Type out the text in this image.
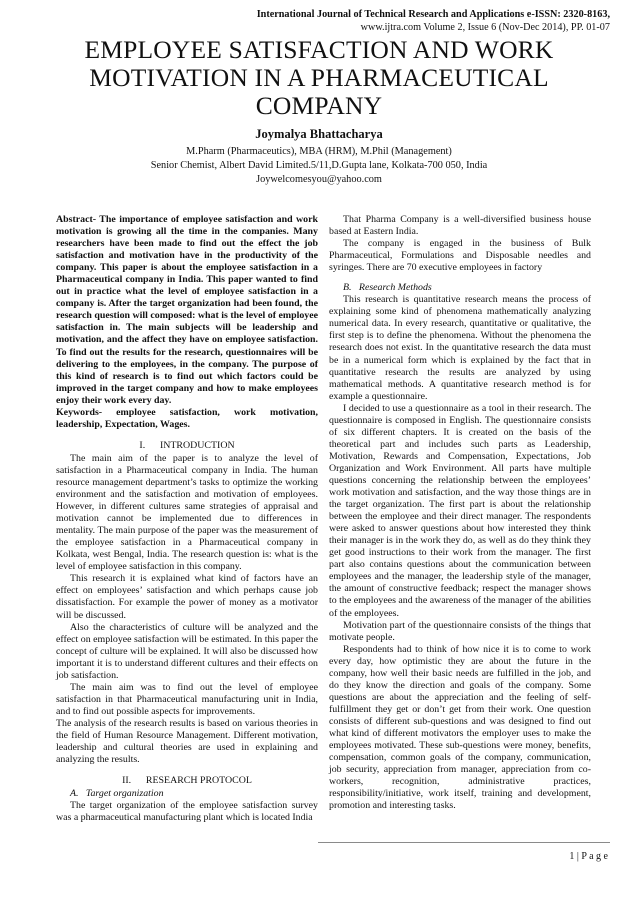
International Journal of Technical Research and Applications e-ISSN: 2320-8163,
www.ijtra.com Volume 2, Issue 6 (Nov-Dec 2014), PP. 01-07
EMPLOYEE SATISFACTION AND WORK MOTIVATION IN A PHARMACEUTICAL COMPANY
Joymalya Bhattacharya
M.Pharm (Pharmaceutics), MBA (HRM), M.Phil (Management)
Senior Chemist, Albert David Limited.5/11,D.Gupta lane, Kolkata-700 050, India
Joywelcomesyou@yahoo.com

Abstract- The importance of employee satisfaction and work motivation is growing all the time in the companies. Many researchers have been made to find out the effect the job satisfaction and motivation have in the productivity of the company. This paper is about the employee satisfaction in a Pharmaceutical company in India. This paper wanted to find out in practice what the level of employee satisfaction in a company is. After the target organization had been found, the research question will composed: what is the level of employee satisfaction in. The main subjects will be leadership and motivation, and the affect they have on employee satisfaction. To find out the results for the research, questionnaires will be delivering to the employees, in the company. The purpose of this kind of research is to find out which factors could be improved in the target company and how to make employees enjoy their work every day.

Keywords- employee satisfaction, work motivation, leadership, Expectation, Wages.

I.      INTRODUCTION

The main aim of the paper is to analyze the level of satisfaction in a Pharmaceutical company in India. The human resource management department’s tasks to optimize the working environment and the satisfaction and motivation of employees. However, in different cultures same strategies of appraisal and motivation cannot be implemented due to differences in mentality. The main purpose of the paper was the measurement of the employee satisfaction in a Pharmaceutical company in Kolkata, west Bengal, India. The research question is: what is the level of employee satisfaction in this company.

This research it is explained what kind of factors have an effect on employees’ satisfaction and which perhaps cause job dissatisfaction. For example the power of money as a motivator will be discussed.

Also the characteristics of culture will be analyzed and the effect on employee satisfaction will be estimated. In this paper the concept of culture will be explained. It will also be discussed how important it is to understand different cultures and their effects on job satisfaction.

The main aim was to find out the level of employee satisfaction in that Pharmaceutical manufacturing unit in India, and to find out possible aspects for improvements.

The analysis of the research results is based on various theories in the field of Human Resource Management. Different motivation, leadership and cultural theories are used in explaining and analyzing the results.

II.      RESEARCH PROTOCOL

A.   Target organization

The target organization of the employee satisfaction survey was a pharmaceutical manufacturing plant which is located India

That Pharma Company is a well-diversified business house based at Eastern India.

The company is engaged in the business of Bulk Pharmaceutical, Formulations and Disposable needles and syringes. There are 70 executive employees in factory

B.   Research Methods

This research is quantitative research means the process of explaining some kind of phenomena mathematically analyzing numerical data. In every research, quantitative or qualitative, the first step is to define the phenomena. Without the phenomena the research does not exist. In the quantitative research the data must be in a numerical form which is explained by the fact that in quantitative research the results are analyzed by using mathematical methods. A quantitative research method is for example a questionnaire.

I decided to use a questionnaire as a tool in their research. The questionnaire is composed in English. The questionnaire consists of six different chapters. It is created on the basis of the theoretical part and includes such parts as Leadership, Motivation, Rewards and Compensation, Expectations, Job Organization and Work Environment. All parts have multiple questions concerning the relationship between the employees’ work motivation and satisfaction, and the way those things are in the target organization. The first part is about the relationship between the employee and their direct manager. The respondents were asked to answer questions about how interested they think their manager is in the work they do, as well as do they think they get good instructions to their work from the manager. The first part also contains questions about the communication between employees and the manager, the leadership style of the manager, the amount of constructive feedback; respect the manager shows to the employees and the awareness of the manager of the abilities of the employees.

Motivation part of the questionnaire consists of the things that motivate people.

Respondents had to think of how nice it is to come to work every day, how optimistic they are about the future in the company, how well their basic needs are fulfilled in the job, and do they know the direction and goals of the company. Some questions are about the appreciation and the feeling of self-fulfillment they get or don’t get from their work. One question consists of different sub-questions and was designed to find out what kind of different motivators the employer uses to make the employees motivated. These sub-questions were money, benefits, compensation, common goals of the company, communication, job security, appreciation from manager, appreciation from co-workers, recognition, administrative practices, responsibility/initiative, work itself, training and development, promotion and interesting tasks.

1 | P a g e
